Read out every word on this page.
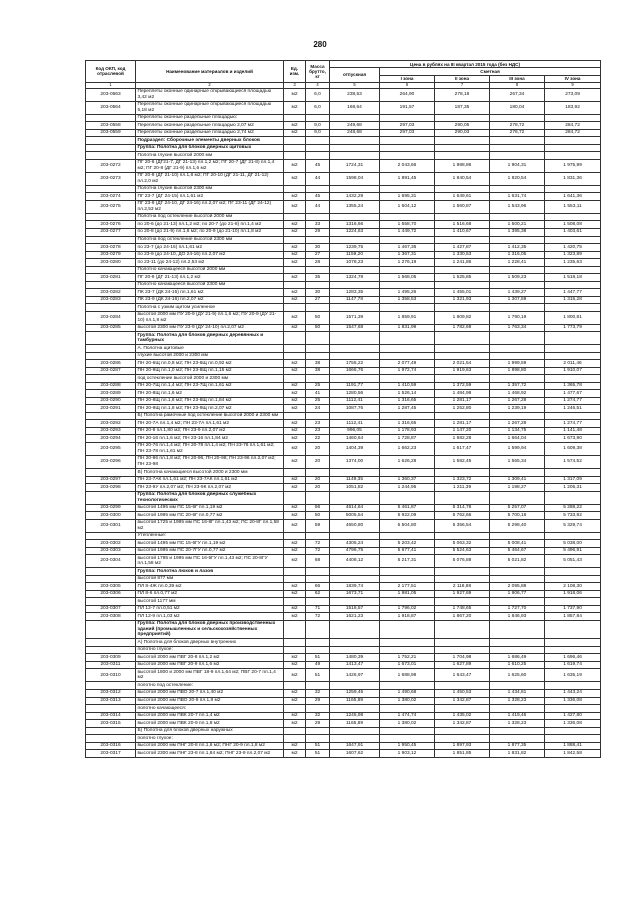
280
Код ОКП, код отраслевой	Наименование материалов и изделий	Ед. изм.	Масса брутто, кг	Цена в рублях на III квартал 2015 года (без НДС)				
				отпускная	Сметная			
					I зона	II зона	III зона	IV зона
1	2	3	4	5	6	7	8	9
203-0563	Переплеты оконные одинарные открывающиеся площадью 3,42 м2	м2	6,0	238,53	264,90	278,18	267,34	273,09
203-0564	Переплеты оконные одинарные открывающиеся площадью 5,18 м2	м2	6,0	168,64	191,57	187,35	180,04	183,92
	Переплеты оконные раздельные площадью:							
203-0558	Переплеты оконные раздельные площадью 2,07 м2	м2	9,0	249,68	297,03	290,05	278,72	284,72
203-0559	Переплеты оконные раздельные площадью 2,74 м2	м2	9,0	248,68	297,03	290,03	278,72	284,72
	Подраздел: Сборочные элементы дверных блоков							
	Группа: Полотна для блоков дверных щитовых							
	Полотна глухие высотой 2000 мм							
203-0272	ПГ 20-6 (ДГ21-7, ДГ 21-13) пл.1,2 м2; ПГ 20-7 (ДГ 21-8) пл.1,4 м2; ПГ 20-8 (ДГ 21-9) пл.1,6 м2	м2	45	1724,31	2 043,66	1 988,86	1 904,31	1 975,99
203-0273	ПГ 20-9 (ДГ 21-10) пл.1,8 м2; ПГ 20-10 (ДГ 21-11, ДГ 21-12) пл.2,0 м2	м2	44	1598,04	1 891,45	1 840,54	1 820,54	1 831,36
	Полотна глухие высотой 2300 мм							
203-0274	ПГ 23-7 (ДГ 24-15) пл.1,61 м2	м2	45	1432,29	1 695,31	1 649,61	1 631,74	1 641,36
203-0275	ПГ 23-9 (ДГ 24-10, ДГ 24-16) пл.2,07 м2; ПГ 23-11 (ДГ 24-12) пл.2,53 м2	м2	44	1355,24	1 604,12	1 560,87	1 543,96	1 553,11
	Полотна под остекление высотой 2000 мм							
203-0276	по 20-6 (до 21-13) пл.1,2 м2; по 20-7 (до 21-8) пл.1,4 м2	м2	33	1316,66	1 558,70	1 516,68	1 500,21	1 508,08
203-0277	по 20-8 (до 21-9) пл.1,6 м2; по 20-9 (до 21-10) пл.1,8 м2	м2	29	1224,63	1 449,72	1 410,67	1 395,38	1 403,61
	Полотна под остекление высотой 2300 мм							
203-0278	по 23-7 (до 24-15) пл.1,61 м2	м2	30	1239,75	1 467,36	1 427,87	1 412,35	1 420,75
203-0279	по 23-9 (до 24-10, ДО 24-16) пл.2,07 м2	м2	27	1159,20	1 367,31	1 330,53	1 316,05	1 323,89
203-0280	по 23-11 (до 24-12) пл.2,53 м2	м2	28	1078,23	1 276,19	1 241,86	1 228,41	1 235,63
	Полотно качающееся высотой 2000 мм							
203-0281	ПГ 20-9 (ДГ 21-13) пл.1,2 м2	м2	35	1324,78	1 568,05	1 525,85	1 509,23	1 518,18
	Полотно качающееся высотой 2300 мм							
203-0282	ПК 23-7 (ДК 24-15) пл.1,61 м2	м2	30	1283,35	1 495,26	1 455,01	1 439,27	1 447,77
203-0283	ПК 23-9 (ДК 24-16) пл.2,07 м2	м2	27	1147,78	1 358,53	1 321,93	1 307,59	1 315,28
	Полотна с узким щитом усиленное							
203-0284	высотой 2000 мм ПУ 20-9 (ДУ 21-9) пл.1,6 м2; ПУ 20-9 (ДУ 21-10) пл.1,8 м2	м2	50	1571,39	1 859,91	1 809,82	1 790,19	1 800,81
203-0285	высотой 2300 мм ПУ 23-9 (ДУ 24-10) пл.2,07 м2	м2	50	1547,68	1 831,99	1 782,69	1 763,34	1 773,79
	Группа: Полотна для блоков дверных деревянных и тамбурных							
	А. Полотна щитовые							
	глухие высотой 2000 и 2300 мм							
203-0286	ПН 20-6Щ пл.0,8 м2; ПН 23-6Щ пл.0,92 м2	м2	38	1755,22	2 077,49	2 021,54	1 999,59	2 011,46
203-0287	ПН 20-9Щ пл.1,0 м2; ПН 23-8Щ пл.1,15 м2	м2	38	1666,76	1 972,74	1 919,63	1 898,80	1 910,07
	под остекление высотой 2000 и 2300 мм							
203-0288	ПН 20-7Щ пл.1,4 м2; ПН 23-7Щ пл.1,61 м2	м2	25	1191,77	1 410,59	1 372,59	1 357,72	1 365,78
203-0289	ПН 20-8Щ пл.1,6 м2	м2	41	1280,56	1 526,14	1 484,98	1 468,92	1 477,67
203-0290	ПН 20-8Щ пл.1,6 м2; ПН 23-8Щ пл.1,84 м2	м2	25	1112,41	1 316,65	1 281,17	1 267,28	1 274,77
203-0291	ПН 20-9Щ пл.1,8 м2; ПН 23-9Щ пл.2,07 м2	м2	24	1087,76	1 287,45	1 252,80	1 239,19	1 246,51
	Б) Полотна рамочные под остекление высотой 2000 и 2300 мм							
203-0292	ПН 20-7А пл.1,4 м2; ПН 23-7А пл.1,61 м2	м2	23	1112,41	1 316,65	1 281,17	1 267,28	1 274,77
203-0293	ПН 20-9 пл.1,80 м2; ПН 23-9 пл.2,07 м2	м2	23	996,05	1 178,93	1 147,20	1 134,75	1 141,48
203-0294	ПН 20-16 пл.1,6 м2; ПН 23-16 пл.1,84 м2	м2	22	1460,64	1 728,87	1 682,28	1 664,04	1 673,90
203-0295	ПН 20-76 пл.1,4 м2; ПН 20-78 пл.1,4 м2; ПН 23-76 пл.1,61 м2; ПН 23-78 пл.1,61 м2	м2	20	1404,39	1 662,23	1 617,47	1 599,94	1 609,38
203-0296	ПН 20-96 пл.1,8 м2; ПН 20-96, ПН 20-98; ПН 23-96 пл.2,07 м2; ПН 23-98	м2	20	1374,00	1 626,28	1 582,45	1 565,34	1 574,52
	В) Полотна качающиеся высотой 2000 и 2300 мм							
203-0297	ПН 23-7АК пл.1,61 м2; ПН 23-7АК пл.1,61 м2	м2	20	1149,35	1 360,37	1 323,72	1 309,41	1 317,09
203-0298	ПН 23-9У пл.2,07 м2; ПН 23-9К пл.2,07 м2	м2	20	1051,82	1 244,95	1 211,39	1 198,27	1 205,31
	Группа: Полотна для блоков дверных служебных технологических							
203-0299	высотой 1495 мм ПС 15-6Г пл.1,19 м2	м2	56	4614,64	5 461,87	5 314,76	5 257,07	5 288,22
203-0300	высотой 1995 мм ПС 20-6Г пл.0,77 м2	м2	50	5005,54	5 922,09	5 762,66	5 700,18	5 733,92
203-0301	высотой 1725 и 1995 мм ПС 16-8Г пл.1,43 м2; ПС 20-8Г пл.1,58 м2	м2	59	4650,80	5 504,80	5 356,54	5 298,40	5 329,74
	Утепленные:							
203-0302	высотой 1495 мм ПС 15-6ГУ пл.1,19 м2	м2	72	4305,24	5 203,42	5 063,32	5 008,41	5 038,00
203-0303	высотой 1995 мм ПС 20-7ГУ пл.0,77 м2	м2	72	4796,75	5 677,41	5 524,63	5 464,67	5 496,91
203-0304	высотой 1795 и 1995 мм ПС 16-5ГУ пл.1,43 м2; ПС 20-8ГУ пл.1,58 м2	м2	68	4408,12	5 217,31	5 076,88	5 021,82	5 051,43
	Группа: Полотна люков и лазов							
	высотой 877 мм							
203-0305	ПЛ 8-4Ж пл.0,39 м2	м2	66	1839,74	2 177,51	2 118,88	2 095,88	2 108,30
203-0306	ПЛ 8-6 пл.0,77 м2	м2	62	1673,71	1 981,05	1 927,69	1 906,77	1 918,06
	высотой 1177 мм							
203-0307	ПЛ 12-7 пл.0,51 м2	м2	71	1518,57	1 796,02	1 748,65	1 727,70	1 737,90
203-0308	ПЛ 12-9 пл.1,03 м2	м2	72	1621,23	1 918,87	1 867,20	1 846,93	1 857,84
	Группа: Полотна для блоков дверных производственных зданий (промышленных и сельскохозяйственных предприятий)							
	А) Полотна для блоков дверных внутренних							
	полотно глухое:							
203-0309	высотой 2000 мм ПВГ 20-8 пл.1,2 м2	м2	51	1480,39	1 752,21	1 704,98	1 686,49	1 696,46
203-0311	высотой 2000 мм ПВГ 20-9 пл.1,6 м2	м2	49	1413,47	1 673,01	1 627,89	1 610,25	1 619,74
203-0310	высотой 1800 и 2000 мм ПВГ 18-9 пл.1,64 м2; ПВГ 20-7 пл.1,4 м2	м2	51	1426,97	1 688,98	1 643,47	1 625,60	1 635,19
	полотно под остекление:							
203-0312	высотой 2000 мм ПВО 20-7 пл.1,40 м2	м2	32	1259,45	1 490,68	1 450,53	1 434,81	1 443,24
203-0313	высотой 2000 мм ПВО 20-9 пл.1,8 м2	м2	29	1165,89	1 380,02	1 342,87	1 328,23	1 336,08
	полотно качающееся:							
203-0314	высотой 2000 мм ПВК 20-7 пл.1,4 м2	м2	32	1245,98	1 474,74	1 435,02	1 419,46	1 427,80
203-0315	высотой 2000 мм ПВК 20-9 пл.1,8 м2	м2	29	1165,89	1 380,02	1 342,87	1 328,23	1 336,08
	Б) Полотна для блоков дверных наружных							
	полотно глухое:							
203-0316	высотой 2000 мм ПНГ 20-8 пл.1,6 м2; ПНГ 20-9 пл.1,8 м2	м2	51	1647,91	1 950,45	1 897,93	1 877,35	1 888,41
203-0317	высотой 2300 мм ПНГ 23-8 пл.1,84 м2; ПНГ 23-9 пл.2,07 м2	м2	51	1607,62	1 903,12	1 851,85	1 831,82	1 842,58
